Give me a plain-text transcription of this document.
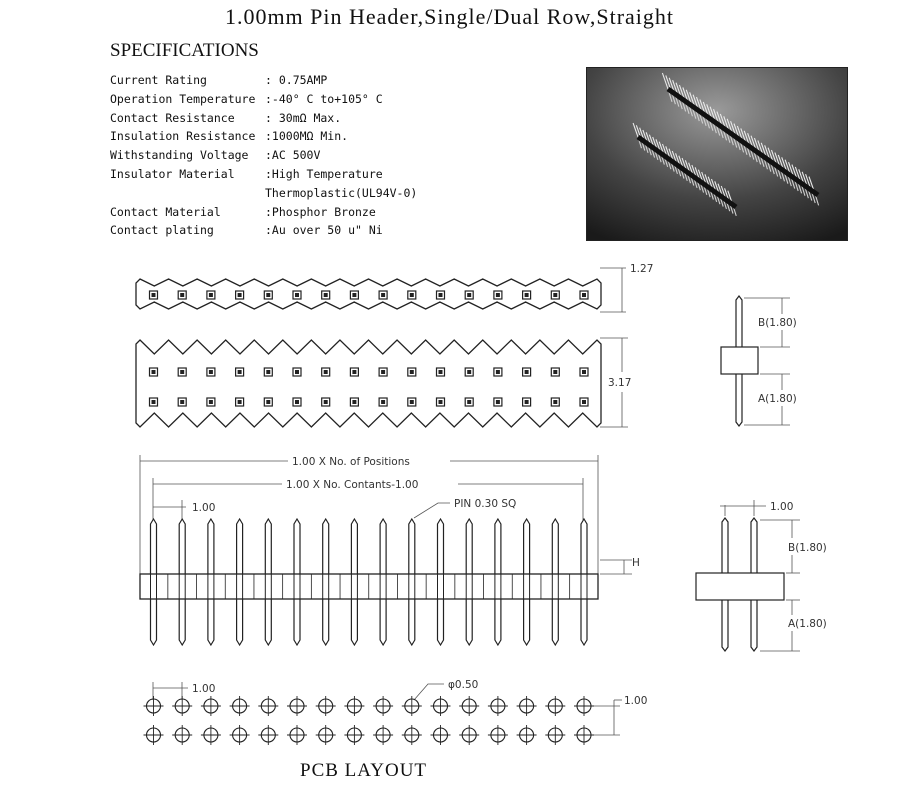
1.00mm Pin Header,Single/Dual Row,Straight
SPECIFICATIONS
Current Rating	: 0.75AMP
Operation Temperature :-40° C to+105° C
Contact Resistance	: 30mΩ Max.
Insulation Resistance :1000MΩ Min.
Withstanding Voltage :AC 500V
Insulator Material	:High Temperature
Thermoplastic(UL94V-0)
Contact Material	:Phosphor Bronze
Contact plating	:Au over 50 u" Ni
1.27
3.17
B(1.80)
A(1.80)
1.00 X No. of Positions
1.00 X No. Contants-1.00
1.00	PIN 0.30 SQ
H
1.00
B(1.80)
A(1.80)
1.00	φ0.50
1.00
PCB LAYOUT
